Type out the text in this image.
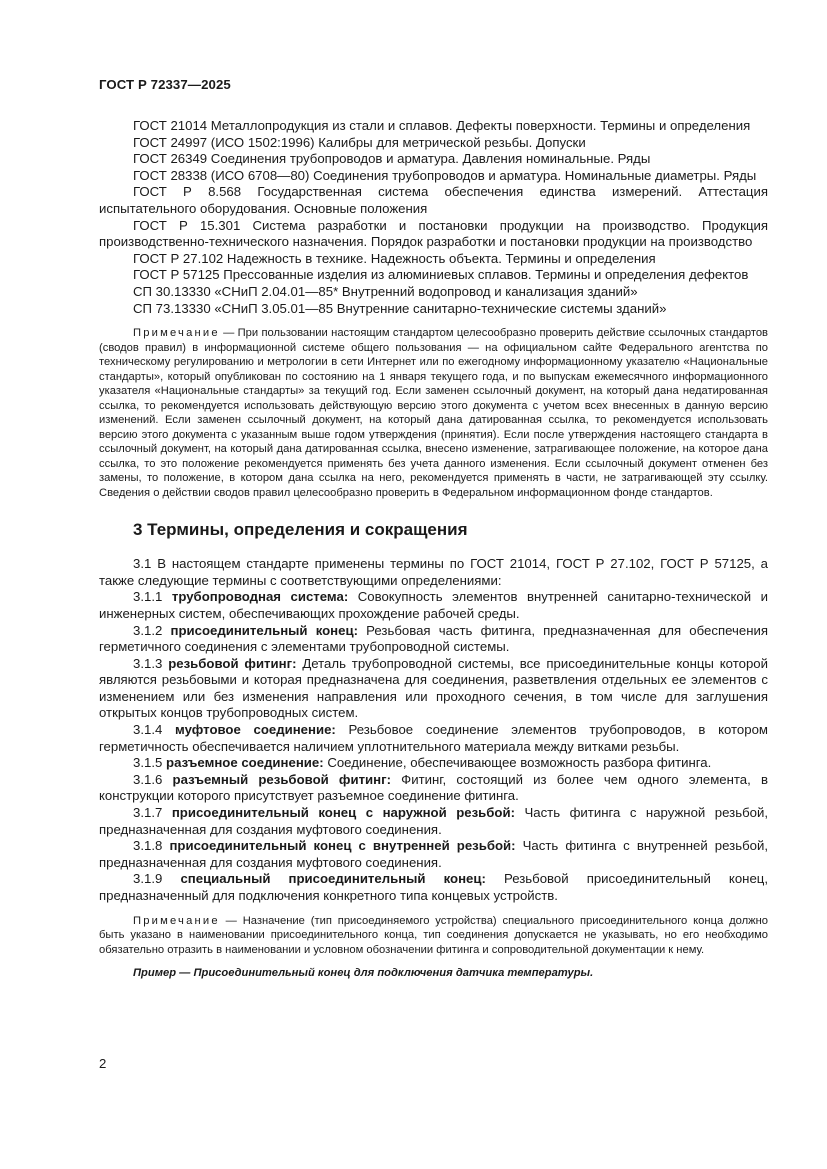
ГОСТ Р 72337—2025

ГОСТ 21014 Металлопродукция из стали и сплавов. Дефекты поверхности. Термины и определения

ГОСТ 24997 (ИСО 1502:1996) Калибры для метрической резьбы. Допуски

ГОСТ 26349 Соединения трубопроводов и арматура. Давления номинальные. Ряды

ГОСТ 28338 (ИСО 6708—80) Соединения трубопроводов и арматура. Номинальные диаметры. Ряды

ГОСТ Р 8.568 Государственная система обеспечения единства измерений. Аттестация испытательного оборудования. Основные положения

ГОСТ Р 15.301 Система разработки и постановки продукции на производство. Продукция производственно-технического назначения. Порядок разработки и постановки продукции на производство

ГОСТ Р 27.102 Надежность в технике. Надежность объекта. Термины и определения

ГОСТ Р 57125 Прессованные изделия из алюминиевых сплавов. Термины и определения дефектов

СП 30.13330 «СНиП 2.04.01—85* Внутренний водопровод и канализация зданий»

СП 73.13330 «СНиП 3.05.01—85 Внутренние санитарно-технические системы зданий»

Примечание — При пользовании настоящим стандартом целесообразно проверить действие ссылочных стандартов (сводов правил) в информационной системе общего пользования — на официальном сайте Федерального агентства по техническому регулированию и метрологии в сети Интернет или по ежегодному информационному указателю «Национальные стандарты», который опубликован по состоянию на 1 января текущего года, и по выпускам ежемесячного информационного указателя «Национальные стандарты» за текущий год. Если заменен ссылочный документ, на который дана недатированная ссылка, то рекомендуется использовать действующую версию этого документа с учетом всех внесенных в данную версию изменений. Если заменен ссылочный документ, на который дана датированная ссылка, то рекомендуется использовать версию этого документа с указанным выше годом утверждения (принятия). Если после утверждения настоящего стандарта в ссылочный документ, на который дана датированная ссылка, внесено изменение, затрагивающее положение, на которое дана ссылка, то это положение рекомендуется применять без учета данного изменения. Если ссылочный документ отменен без замены, то положение, в котором дана ссылка на него, рекомендуется применять в части, не затрагивающей эту ссылку. Сведения о действии сводов правил целесообразно проверить в Федеральном информационном фонде стандартов.

3 Термины, определения и сокращения

3.1 В настоящем стандарте применены термины по ГОСТ 21014, ГОСТ Р 27.102, ГОСТ Р 57125, а также следующие термины с соответствующими определениями:

3.1.1 трубопроводная система: Совокупность элементов внутренней санитарно-технической и инженерных систем, обеспечивающих прохождение рабочей среды.

3.1.2 присоединительный конец: Резьбовая часть фитинга, предназначенная для обеспечения герметичного соединения с элементами трубопроводной системы.

3.1.3 резьбовой фитинг: Деталь трубопроводной системы, все присоединительные концы которой являются резьбовыми и которая предназначена для соединения, разветвления отдельных ее элементов с изменением или без изменения направления или проходного сечения, в том числе для заглушения открытых концов трубопроводных систем.

3.1.4 муфтовое соединение: Резьбовое соединение элементов трубопроводов, в котором герметичность обеспечивается наличием уплотнительного материала между витками резьбы.

3.1.5 разъемное соединение: Соединение, обеспечивающее возможность разбора фитинга.

3.1.6 разъемный резьбовой фитинг: Фитинг, состоящий из более чем одного элемента, в конструкции которого присутствует разъемное соединение фитинга.

3.1.7 присоединительный конец с наружной резьбой: Часть фитинга с наружной резьбой, предназначенная для создания муфтового соединения.

3.1.8 присоединительный конец с внутренней резьбой: Часть фитинга с внутренней резьбой, предназначенная для создания муфтового соединения.

3.1.9 специальный присоединительный конец: Резьбовой присоединительный конец, предназначенный для подключения конкретного типа концевых устройств.

Примечание — Назначение (тип присоединяемого устройства) специального присоединительного конца должно быть указано в наименовании присоединительного конца, тип соединения допускается не указывать, но его необходимо обязательно отразить в наименовании и условном обозначении фитинга и сопроводительной документации к нему.

Пример — Присоединительный конец для подключения датчика температуры.

2
